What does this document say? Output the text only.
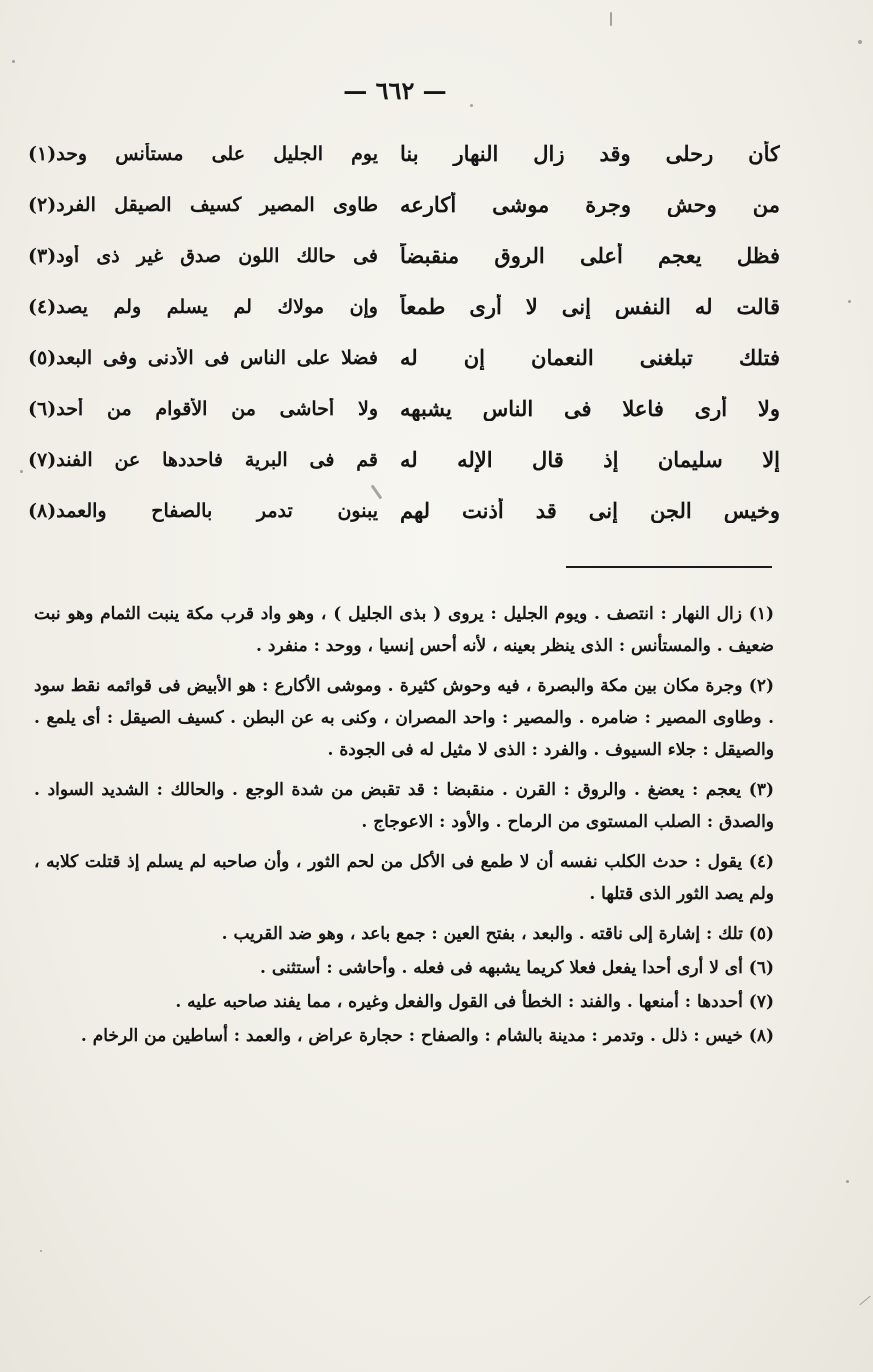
— ٦٦٢ —
كأن رحلى وقد زال النهار بنا
يوم الجليل على مستأنس وحد(١)
من وحش وجرة موشى أكارعه
طاوى المصير كسيف الصيقل الفرد(٢)
فظل يعجم أعلى الروق منقبضاً
فى حالك اللون صدق غير ذى أود(٣)
قالت له النفس إنى لا أرى طمعاً
وإن مولاك لم يسلم ولم يصد(٤)
فتلك تبلغنى النعمان إن له
فضلا على الناس فى الأدنى وفى البعد(٥)
ولا أرى فاعلا فى الناس يشبهه
ولا أحاشى من الأقوام من أحد(٦)
إلا سليمان إذ قال الإله له
قم فى البرية فاحددها عن الفند(٧)
وخيس الجن إنى قد أذنت لهم
يبنون تدمر بالصفاح والعمد(٨)

(١) زال النهار : انتصف . ويوم الجليل : يروى ( بذى الجليل ) ، وهو واد قرب مكة ينبت الثمام وهو نبت ضعيف . والمستأنس : الذى ينظر بعينه ، لأنه أحس إنسيا ، ووحد : منفرد .

(٢) وجرة مكان بين مكة والبصرة ، فيه وحوش كثيرة . وموشى الأكارع : هو الأبيض فى قوائمه نقط سود . وطاوى المصير : ضامره . والمصير : واحد المصران ، وكنى به عن البطن . كسيف الصيقل : أى يلمع . والصيقل : جلاء السيوف . والفرد : الذى لا مثيل له فى الجودة .

(٣) يعجم : يعضغ . والروق : القرن . منقبضا : قد تقبض من شدة الوجع . والحالك : الشديد السواد . والصدق : الصلب المستوى من الرماح . والأود : الاعوجاج .

(٤) يقول : حدث الكلب نفسه أن لا طمع فى الأكل من لحم الثور ، وأن صاحبه لم يسلم إذ قتلت كلابه ، ولم يصد الثور الذى قتلها .

(٥) تلك : إشارة إلى ناقته . والبعد ، بفتح العين : جمع باعد ، وهو ضد القريب .

(٦) أى لا أرى أحدا يفعل فعلا كريما يشبهه فى فعله . وأحاشى : أستثنى .

(٧) أحددها : أمنعها . والفند : الخطأ فى القول والفعل وغيره ، مما يفند صاحبه عليه .

(٨) خيس : ذلل . وتدمر : مدينة بالشام : والصفاح : حجارة عراض ، والعمد : أساطين من الرخام .
